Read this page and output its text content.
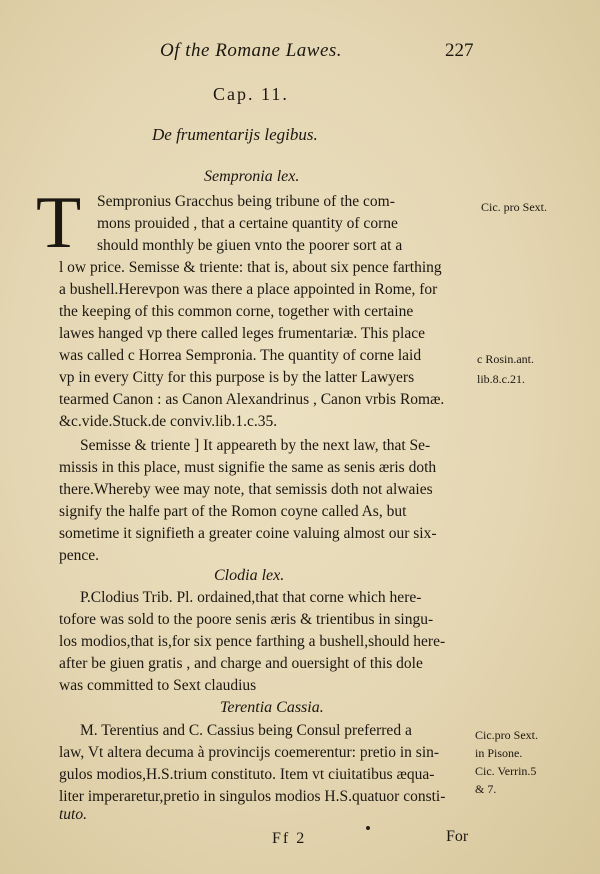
Of the Romane Lawes.	227
Cap. 11.
De frumentarijs legibus.
Sempronia lex.
T Sempronius Gracchus being tribune of the com-
mons prouided , that a certaine quantity of corne
should monthly be giuen vnto the poorer sort at a
l ow price. Semisse & triente: that is, about six pence farthing
a bushell.Herevpon was there a place appointed in Rome, for
the keeping of this common corne, together with certaine
lawes hanged vp there called leges frumentariæ. This place
was called c Horrea Sempronia. The quantity of corne laid
vp in every Citty for this purpose is by the latter Lawyers
tearmed Canon : as Canon Alexandrinus , Canon vrbis Romæ.
&c.vide.Stuck.de conviv.lib.1.c.35.
Semisse & triente ] It appeareth by the next law, that Se-
missis in this place, must signifie the same as senis æris doth
there.Whereby wee may note, that semissis doth not alwaies
signify the halfe part of the Romon coyne called As, but
sometime it signifieth a greater coine valuing almost our six-
pence.
Clodia lex.
P.Clodius Trib. Pl. ordained,that that corne which here-
tofore was sold to the poore senis æris & trientibus in singu-
los modios,that is,for six pence farthing a bushell,should here-
after be giuen gratis , and charge and ouersight of this dole
was committed to Sext claudius
Terentia Cassia.
M. Terentius and C. Cassius being Consul preferred a
law, Vt altera decuma à provincijs coemerentur: pretio in sin-
gulos modios,H.S.trium constituto. Item vt ciuitatibus æqua-
liter imperaretur,pretio in singulos modios H.S.quatuor consti-
Cic. pro Sext.
c Rosin.ant.
lib.8.c.21.
Cic.pro Sext.
in Pisone.
Cic. Verrin.5
& 7.
tuto.
Ff 2	For
